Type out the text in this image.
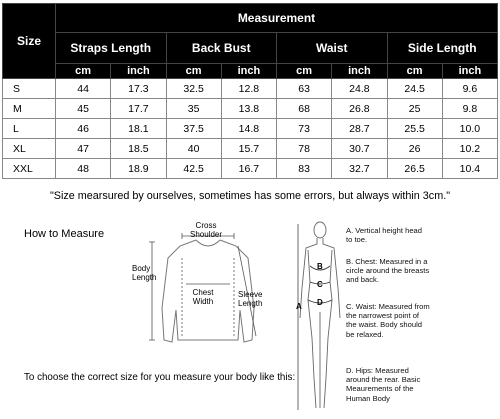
Size	Measurement							
	Straps Length		Back Bust		Waist		Side Length	
	cm	inch	cm	inch	cm	inch	cm	inch
S	44	17.3	32.5	12.8	63	24.8	24.5	9.6
M	45	17.7	35	13.8	68	26.8	25	9.8
L	46	18.1	37.5	14.8	73	28.7	25.5	10.0
XL	47	18.5	40	15.7	78	30.7	26	10.2
XXL	48	18.9	42.5	16.7	83	32.7	26.5	10.4
"Size mearsured by ourselves, sometimes has some errors, but always within 3cm."
How to Measure
Cross Shoulder
Body Length
Chest Width
Sleeve Length
To choose the correct size for you measure your body like this:
A
B
C
D
A. Vertical height head to toe.
B. Chest: Measured in a circle around the breasts and back.
C. Waist: Measured from the narrowest point of the waist. Body should be relaxed.
D. Hips: Measured around the rear. Basic Meaurements of the Human Body
